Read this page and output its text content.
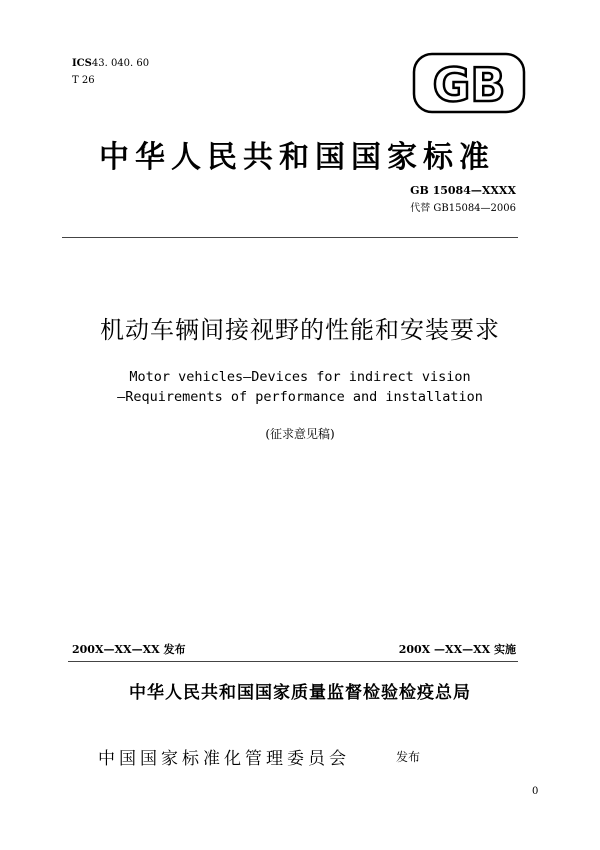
ICS43. 040. 60
T 26	GB
中华人民共和国国家标准
GB 15084—XXXX
代替 GB15084—2006
机动车辆间接视野的性能和安装要求
Motor vehicles—Devices for indirect vision
—Requirements of performance and installation
(征求意见稿)
200X—XX—XX 发布	200X —XX—XX 实施
中华人民共和国国家质量监督检验检疫总局
中国国家标准化管理委员会	发布
0
